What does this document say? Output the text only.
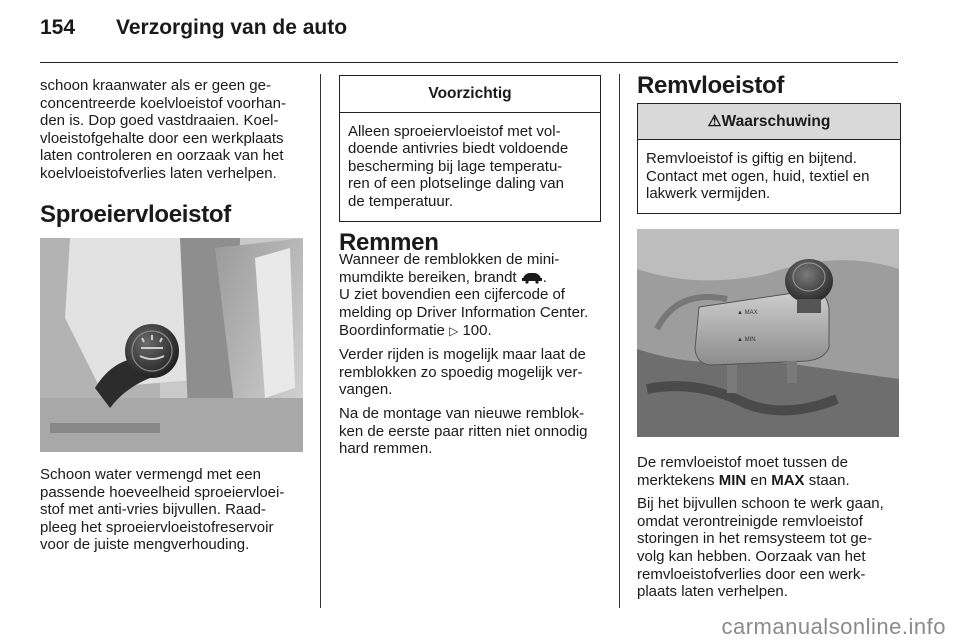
154 Verzorging van de auto
schoon kraanwater als er geen ge-
concentreerde koelvloeistof voorhan-
den is. Dop goed vastdraaien. Koel-
vloeistofgehalte door een werkplaats
laten controleren en oorzaak van het
koelvloeistofverlies laten verhelpen.
Sproeiervloeistof
Schoon water vermengd met een
passende hoeveelheid sproeiervloei-
stof met anti-vries bijvullen. Raad-
pleeg het sproeiervloeistofreservoir
voor de juiste mengverhouding.
Voorzichtig
Alleen sproeiervloeistof met vol-
doende antivries biedt voldoende
bescherming bij lage temperatu-
ren of een plotselinge daling van
de temperatuur.
Remmen

Wanneer de remblokken de mini-
mumdikte bereiken, brandt .
U ziet bovendien een cijfercode of
melding op Driver Information Center.
Boordinformatie ▷ 100.

Verder rijden is mogelijk maar laat de
remblokken zo spoedig mogelijk ver-
vangen.

Na de montage van nieuwe remblok-
ken de eerste paar ritten niet onnodig
hard remmen.

Remvloeistof
⚠Waarschuwing
Remvloeistof is giftig en bijtend.
Contact met ogen, huid, textiel en
lakwerk vermijden.
▲ MAX
▲ MIN

De remvloeistof moet tussen de
merktekens MIN en MAX staan.

Bij het bijvullen schoon te werk gaan,
omdat verontreinigde remvloeistof
storingen in het remsysteem tot ge-
volg kan hebben. Oorzaak van het
remvloeistofverlies door een werk-
plaats laten verhelpen.

carmanualsonline.info
